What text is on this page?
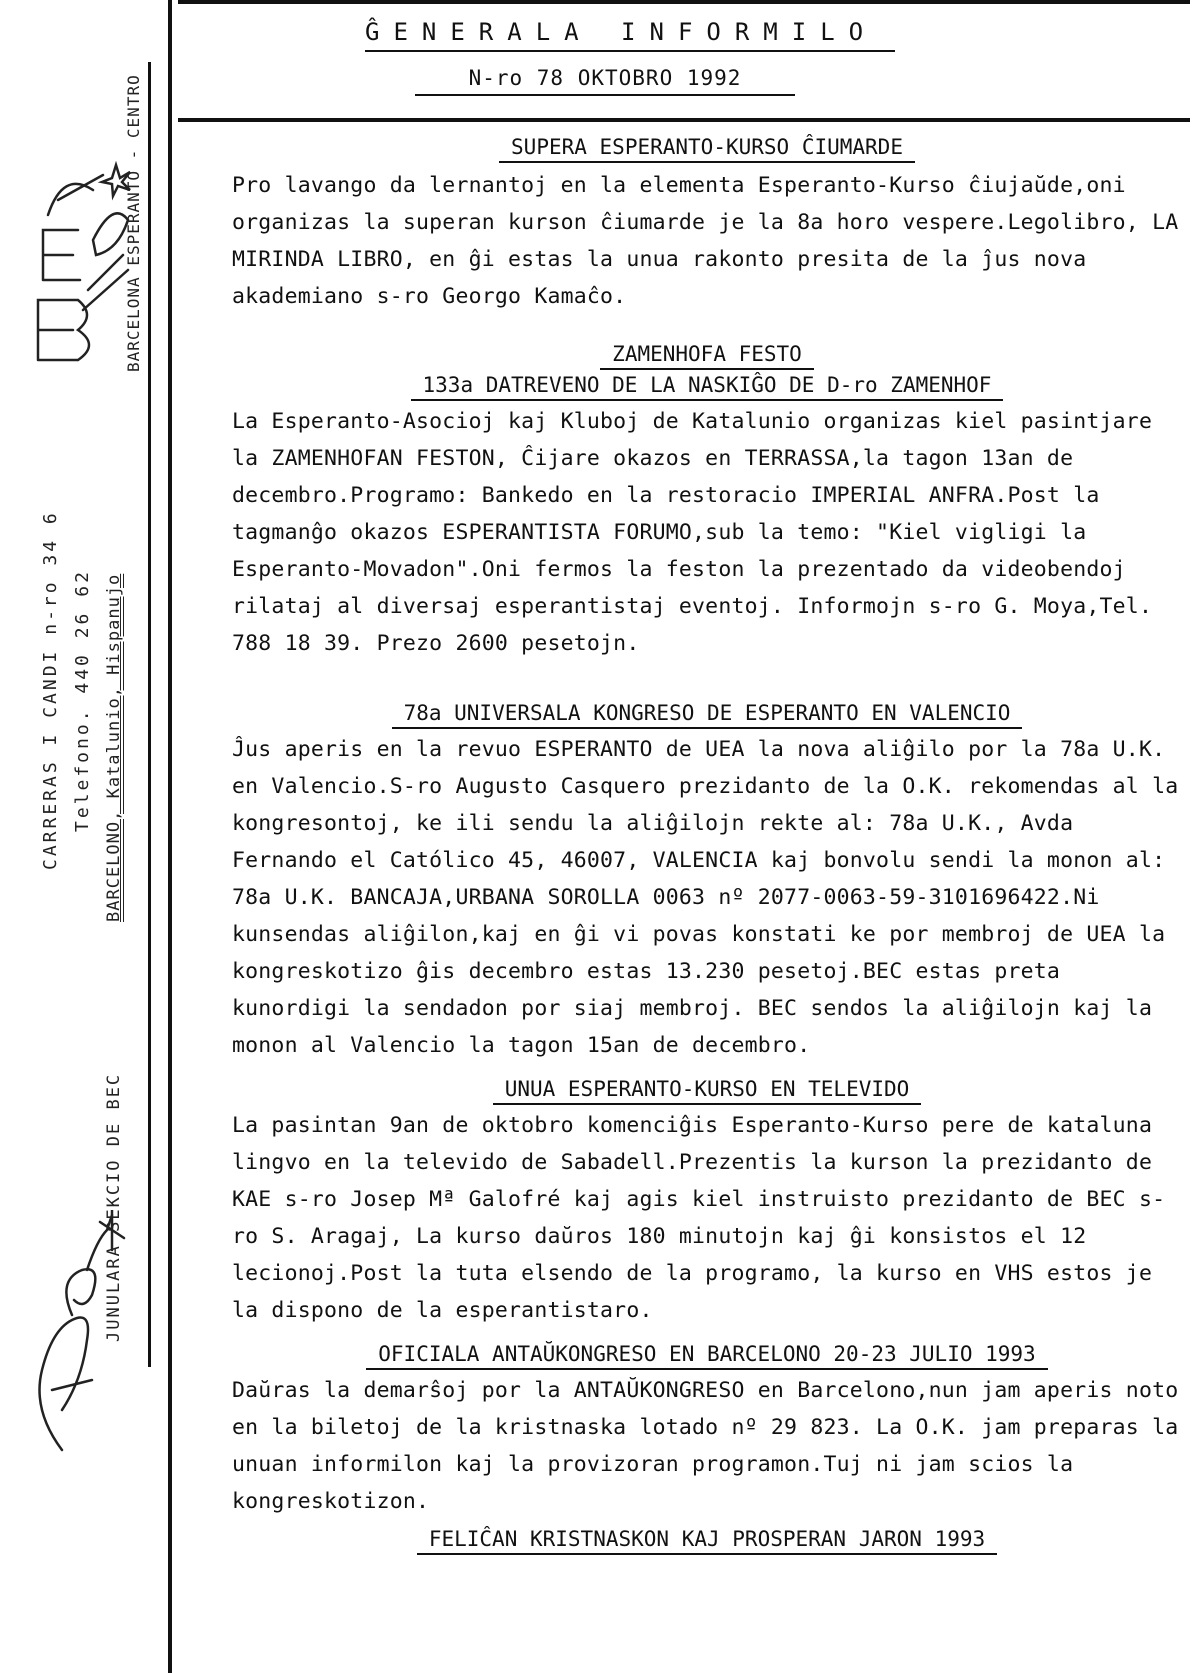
BARCELONA ESPERANTO - CENTRO
CARRERAS I CANDI n-ro 34 6 Telefono. 440 26 62 BARCELONO, Katalunio, Hispanujo
JUNULARA SEKCIO DE BEC
ĜENERALA INFORMILO
N-ro 78 OKTOBRO 1992

SUPERA ESPERANTO-KURSO ĈIUMARDE

Pro lavango da lernantoj en la elementa Esperanto-Kurso ĉiujaŭde,oni organizas la superan kurson ĉiumarde je la 8a horo vespere.Legolibro, LA MIRINDA LIBRO, en ĝi estas la unua rakonto presita de la ĵus nova akademiano s-ro Georgo Kamaĉo.

ZAMENHOFA FESTO

133a DATREVENO DE LA NASKIĜO DE D-ro ZAMENHOF

La Esperanto-Asocioj kaj Kluboj de Katalunio organizas kiel pasintjare la ZAMENHOFAN FESTON, Ĉijare okazos en TERRASSA,la tagon 13an de decembro.Programo: Bankedo en la restoracio IMPERIAL ANFRA.Post la tagmanĝo okazos ESPERANTISTA FORUMO,sub la temo: "Kiel vigligi la Esperanto-Movadon".Oni fermos la feston la prezentado da videobendoj rilataj al diversaj esperantistaj eventoj. Informojn s-ro G. Moya,Tel. 788 18 39. Prezo 2600 pesetojn.

78a UNIVERSALA KONGRESO DE ESPERANTO EN VALENCIO

Ĵus aperis en la revuo ESPERANTO de UEA la nova aliĝilo por la 78a U.K. en Valencio.S-ro Augusto Casquero prezidanto de la O.K. rekomendas al la kongresontoj, ke ili sendu la aliĝilojn rekte al: 78a U.K., Avda Fernando el Católico 45, 46007, VALENCIA kaj bonvolu sendi la monon al: 78a U.K. BANCAJA,URBANA SOROLLA 0063 nº 2077-0063-59-3101696422.Ni kunsendas aliĝilon,kaj en ĝi vi povas konstati ke por membroj de UEA la kongreskotizo ĝis decembro estas 13.230 pesetoj.BEC estas preta kunordigi la sendadon por siaj membroj. BEC sendos la aliĝilojn kaj la monon al Valencio la tagon 15an de decembro.

UNUA ESPERANTO-KURSO EN TELEVIDO

La pasintan 9an de oktobro komenciĝis Esperanto-Kurso pere de kataluna lingvo en la televido de Sabadell.Prezentis la kurson la prezidanto de KAE s-ro Josep Mª Galofré kaj agis kiel instruisto prezidanto de BEC s-ro S. Aragaj, La kurso daŭros 180 minutojn kaj ĝi konsistos el 12 lecionoj.Post la tuta elsendo de la programo, la kurso en VHS estos je la dispono de la esperantistaro.

OFICIALA ANTAŬKONGRESO EN BARCELONO 20-23 JULIO 1993

Daŭras la demarŝoj por la ANTAŬKONGRESO en Barcelono,nun jam aperis noto en la biletoj de la kristnaska lotado nº 29 823. La O.K. jam preparas la unuan informilon kaj la provizoran programon.Tuj ni jam scios la kongreskotizon.

FELIĈAN KRISTNASKON KAJ PROSPERAN JARON 1993
